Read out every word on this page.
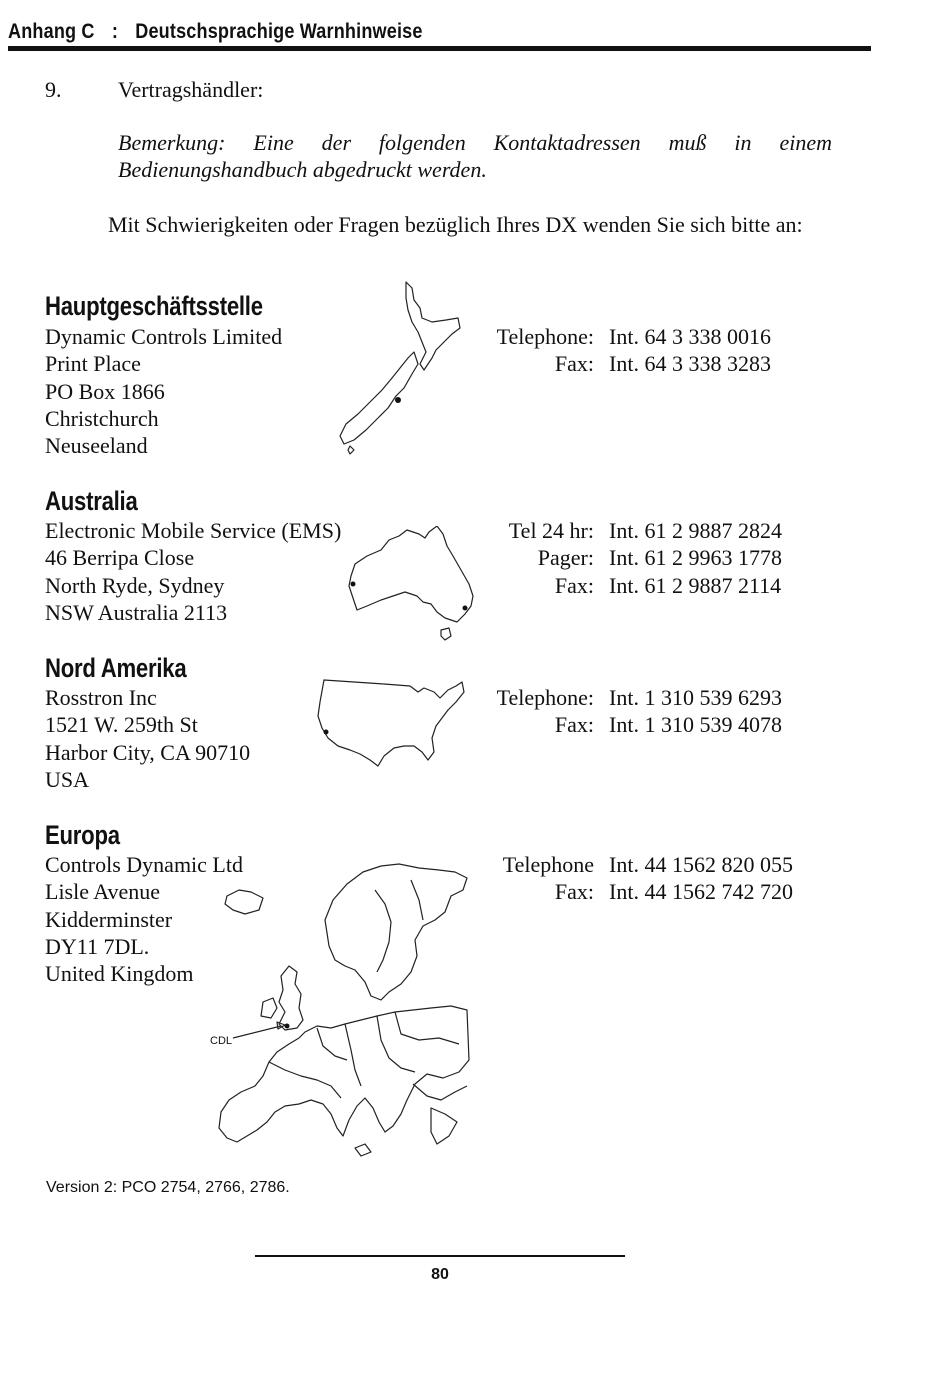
Anhang C : Deutschsprachige Warnhinweise
9.	Vertragshändler:
Bemerkung: Eine der folgenden Kontaktadressen muß in einem Bedienungshandbuch abgedruckt werden.
Mit Schwierigkeiten oder Fragen bezüglich Ihres DX wenden Sie sich bitte an:
Hauptgeschäftsstelle
Dynamic Controls Limited
Print Place
PO Box 1866
Christchurch
Neuseeland
Telephone: Int. 64 3 338 0016
Fax: Int. 64 3 338 3283
Australia
Electronic Mobile Service (EMS)
46 Berripa Close
North Ryde, Sydney
NSW Australia 2113
Tel 24 hr: Int. 61 2 9887 2824
Pager: Int. 61 2 9963 1778
Fax: Int. 61 2 9887 2114
Nord Amerika
Rosstron Inc
1521 W. 259th St
Harbor City, CA 90710
USA
Telephone: Int. 1 310 539 6293
Fax: Int. 1 310 539 4078
Europa
Controls Dynamic Ltd
Lisle Avenue
Kidderminster
DY11 7DL.
United Kingdom
Telephone Int. 44 1562 820 055
Fax: Int. 44 1562 742 720
CDL
Version 2: PCO 2754, 2766, 2786.
80
